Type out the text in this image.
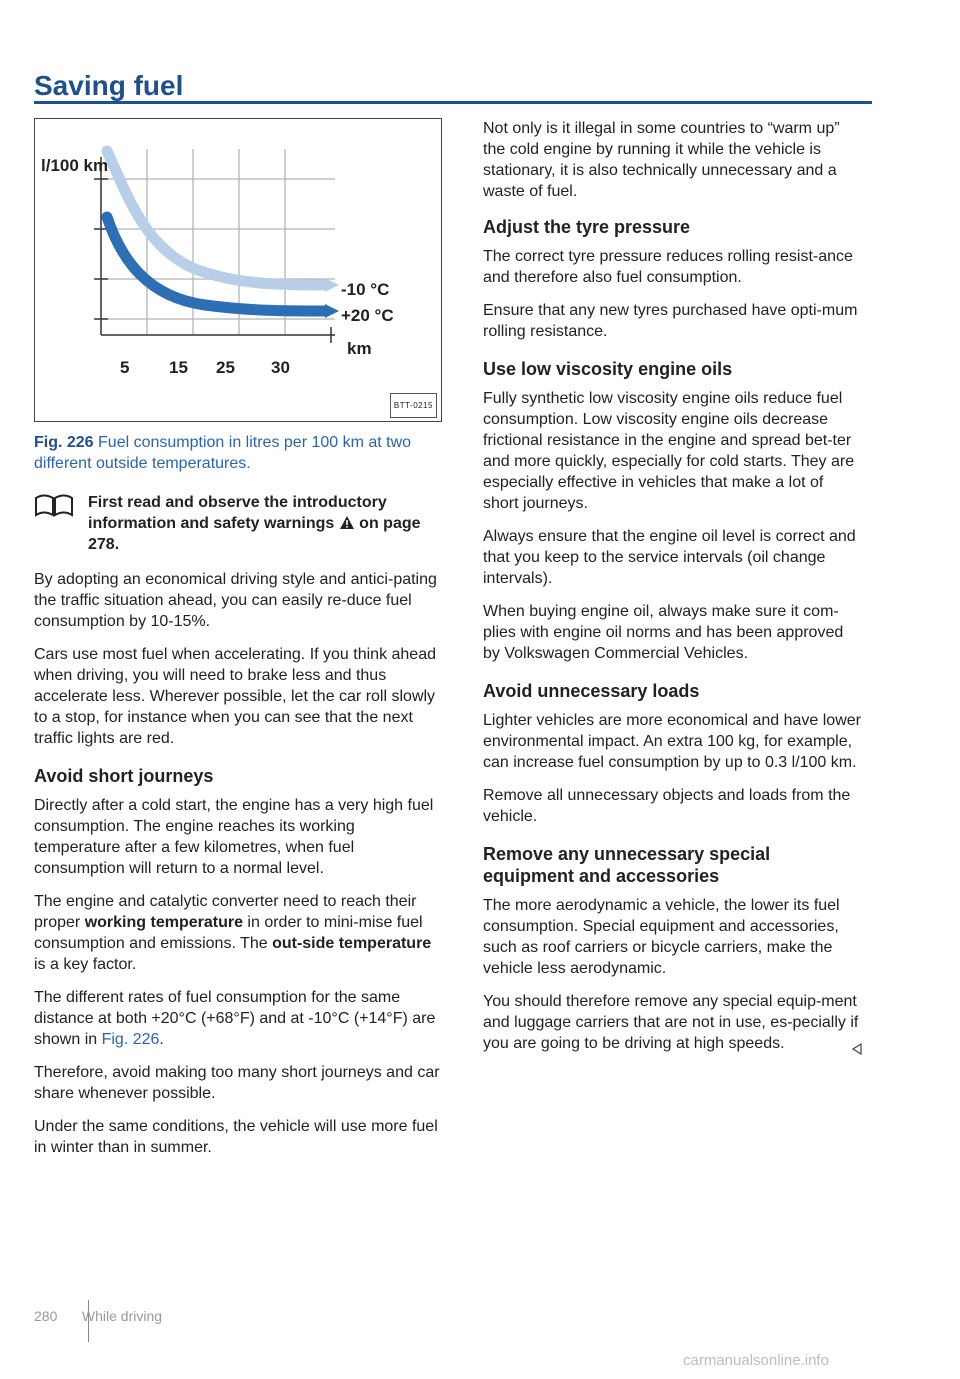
Saving fuel
l/100 km
-10 °C
+20 °C
km
5 15 25 30
BTT-0215
Fig. 226 Fuel consumption in litres per 100 km at two different outside temperatures.
First read and observe the introductory information and safety warnings on page 278.

By adopting an economical driving style and antici-pating the traffic situation ahead, you can easily re-duce fuel consumption by 10-15%.

Cars use most fuel when accelerating. If you think ahead when driving, you will need to brake less and thus accelerate less. Wherever possible, let the car roll slowly to a stop, for instance when you can see that the next traffic lights are red.

Avoid short journeys

Directly after a cold start, the engine has a very high fuel consumption. The engine reaches its working temperature after a few kilometres, when fuel consumption will return to a normal level.

The engine and catalytic converter need to reach their proper working temperature in order to mini-mise fuel consumption and emissions. The out-side temperature is a key factor.

The different rates of fuel consumption for the same distance at both +20°C (+68°F) and at -10°C (+14°F) are shown in Fig. 226.

Therefore, avoid making too many short journeys and car share whenever possible.

Under the same conditions, the vehicle will use more fuel in winter than in summer.

Not only is it illegal in some countries to “warm up” the cold engine by running it while the vehicle is stationary, it is also technically unnecessary and a waste of fuel.

Adjust the tyre pressure

The correct tyre pressure reduces rolling resist-ance and therefore also fuel consumption.

Ensure that any new tyres purchased have opti-mum rolling resistance.

Use low viscosity engine oils

Fully synthetic low viscosity engine oils reduce fuel consumption. Low viscosity engine oils decrease frictional resistance in the engine and spread bet-ter and more quickly, especially for cold starts. They are especially effective in vehicles that make a lot of short journeys.

Always ensure that the engine oil level is correct and that you keep to the service intervals (oil change intervals).

When buying engine oil, always make sure it com-plies with engine oil norms and has been approved by Volkswagen Commercial Vehicles.

Avoid unnecessary loads

Lighter vehicles are more economical and have lower environmental impact. An extra 100 kg, for example, can increase fuel consumption by up to 0.3 l/100 km.

Remove all unnecessary objects and loads from the vehicle.

Remove any unnecessary special equipment and accessories

The more aerodynamic a vehicle, the lower its fuel consumption. Special equipment and accessories, such as roof carriers or bicycle carriers, make the vehicle less aerodynamic.

You should therefore remove any special equip-ment and luggage carriers that are not in use, es-pecially if you are going to be driving at high speeds.

280 While driving
carmanualsonline.info
